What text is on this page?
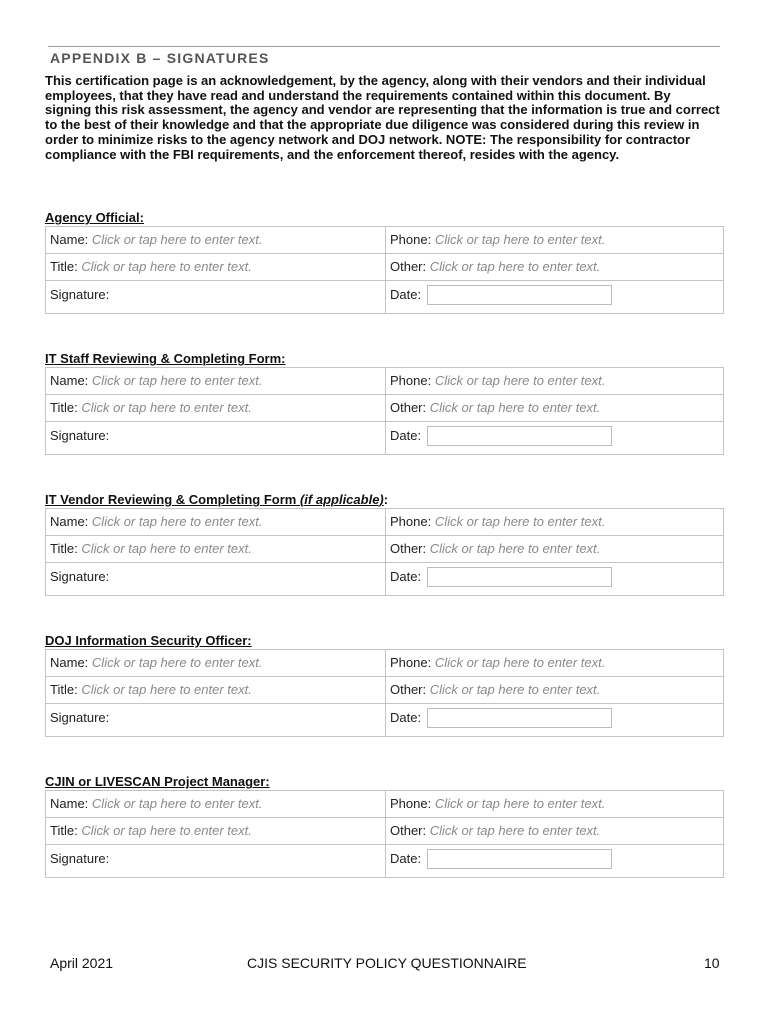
APPENDIX B – SIGNATURES
This certification page is an acknowledgement, by the agency, along with their vendors and their individual employees, that they have read and understand the requirements contained within this document. By signing this risk assessment, the agency and vendor are representing that the information is true and correct to the best of their knowledge and that the appropriate due diligence was considered during this review in order to minimize risks to the agency network and DOJ network. NOTE: The responsibility for contractor compliance with the FBI requirements, and the enforcement thereof, resides with the agency.
Agency Official:
Name: Click or tap here to enter text.	Phone: Click or tap here to enter text.
Title: Click or tap here to enter text.	Other: Click or tap here to enter text.
Signature:	Date:
IT Staff Reviewing & Completing Form:
Name: Click or tap here to enter text.	Phone: Click or tap here to enter text.
Title: Click or tap here to enter text.	Other: Click or tap here to enter text.
Signature:	Date:
IT Vendor Reviewing & Completing Form (if applicable):
Name: Click or tap here to enter text.	Phone: Click or tap here to enter text.
Title: Click or tap here to enter text.	Other: Click or tap here to enter text.
Signature:	Date:
DOJ Information Security Officer:
Name: Click or tap here to enter text.	Phone: Click or tap here to enter text.
Title: Click or tap here to enter text.	Other: Click or tap here to enter text.
Signature:	Date:
CJIN or LIVESCAN Project Manager:
Name: Click or tap here to enter text.	Phone: Click or tap here to enter text.
Title: Click or tap here to enter text.	Other: Click or tap here to enter text.
Signature:	Date:
April 2021	CJIS SECURITY POLICY QUESTIONNAIRE	10
